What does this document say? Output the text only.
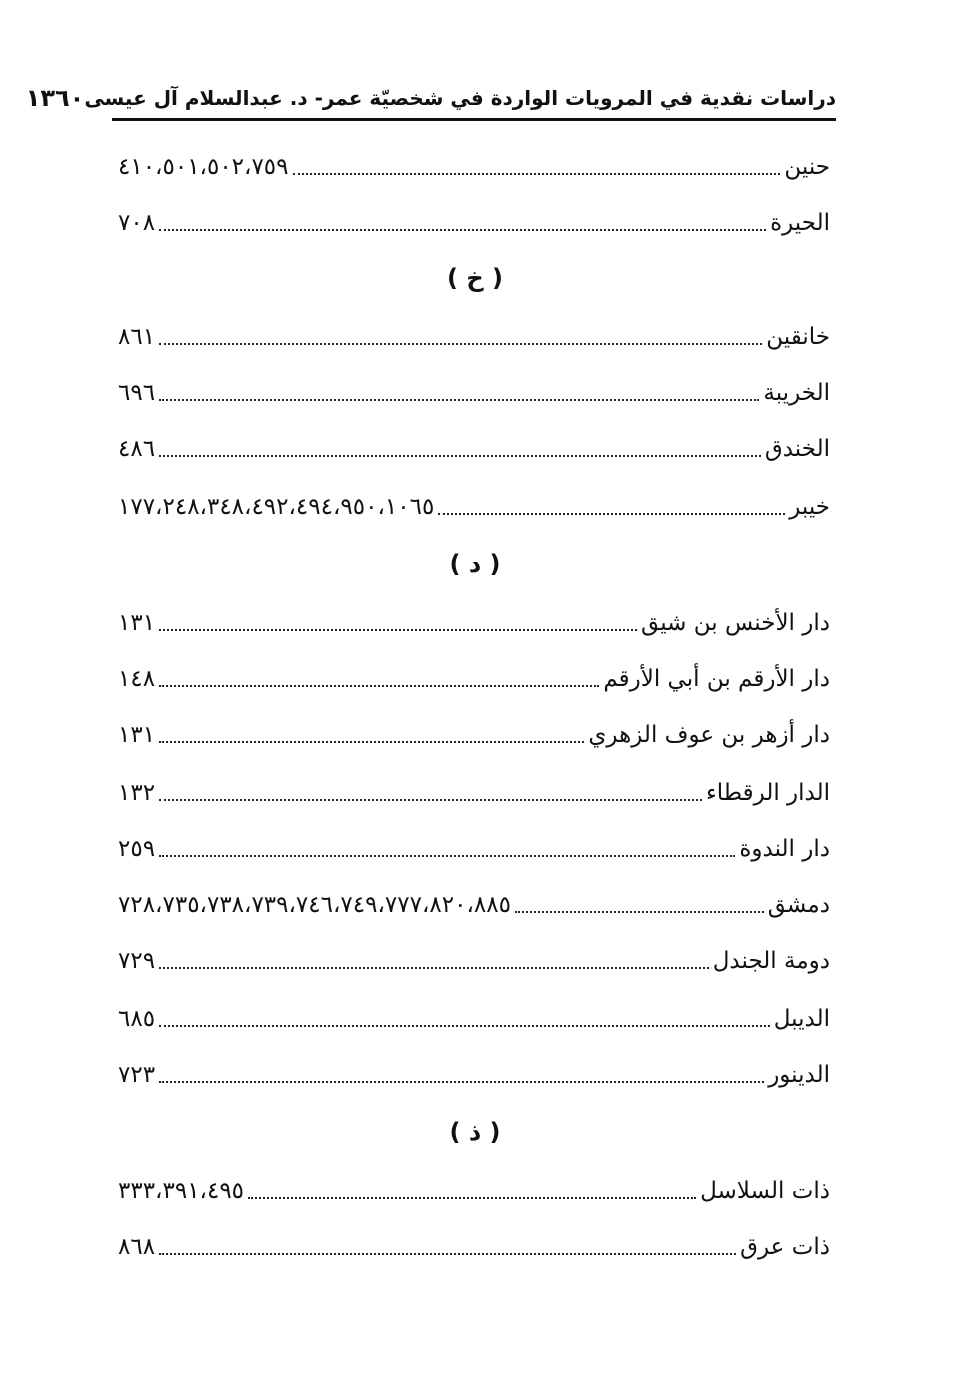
دراسات نقدية في المرويات الواردة في شخصيّة عمر- د. عبدالسلام آل عيسى
١٣٦٠
حنين
٤١٠،٥٠١،٥٠٢،٧٥٩
الحيرة
٧٠٨
( خ )
خانقين
٨٦١
الخريبة
٦٩٦
الخندق
٤٨٦
خيبر
١٧٧،٢٤٨،٣٤٨،٤٩٢،٤٩٤،٩٥٠،١٠٦٥
( د )
دار الأخنس بن شيق
١٣١
دار الأرقم بن أبي الأرقم
١٤٨
دار أزهر بن عوف الزهري
١٣١
الدار الرقطاء
١٣٢
دار الندوة
٢٥٩
دمشق
٧٢٨،٧٣٥،٧٣٨،٧٣٩،٧٤٦،٧٤٩،٧٧٧،٨٢٠،٨٨٥
دومة الجندل
٧٢٩
الديبل
٦٨٥
الدينور
٧٢٣
( ذ )
ذات السلاسل
٣٣٣،٣٩١،٤٩٥
ذات عرق
٨٦٨
